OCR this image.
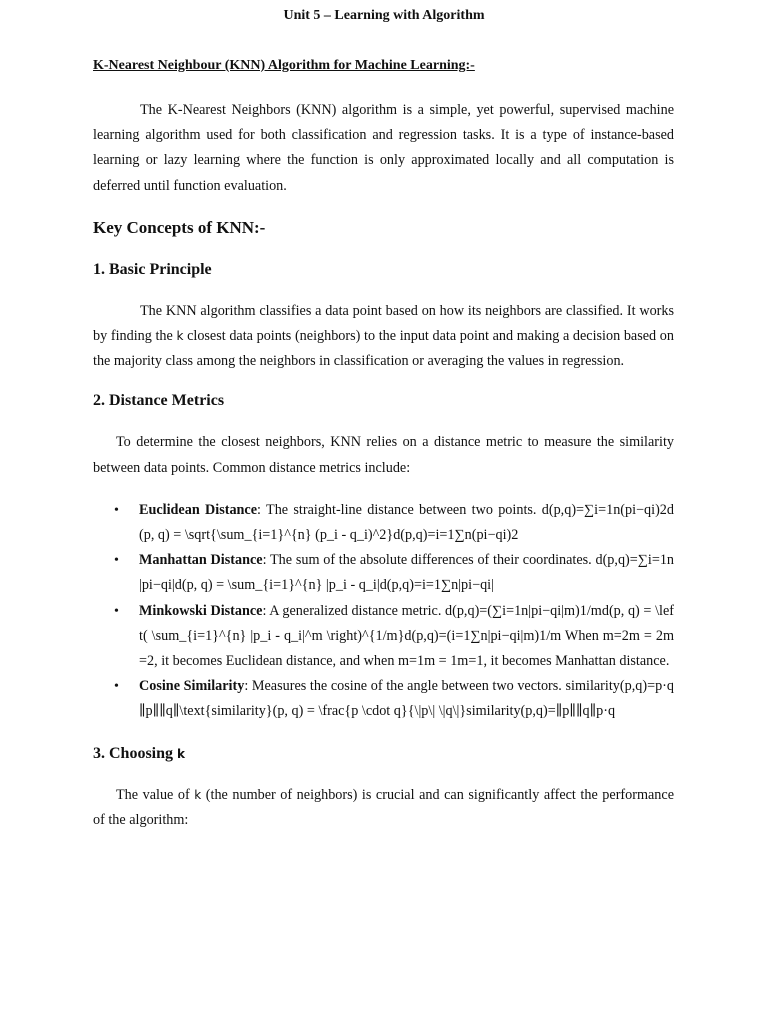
Unit 5 – Learning with Algorithm

K-Nearest Neighbour (KNN) Algorithm for Machine Learning:-

The K-Nearest Neighbors (KNN) algorithm is a simple, yet powerful, supervised machine learning algorithm used for both classification and regression tasks. It is a type of instance-based learning or lazy learning where the function is only approximated locally and all computation is deferred until function evaluation.

Key Concepts of KNN:-

1. Basic Principle

The KNN algorithm classifies a data point based on how its neighbors are classified. It works by finding the k closest data points (neighbors) to the input data point and making a decision based on the majority class among the neighbors in classification or averaging the values in regression.

2. Distance Metrics

To determine the closest neighbors, KNN relies on a distance metric to measure the similarity between data points. Common distance metrics include:

• Euclidean Distance: The straight-line distance between two points. d(p,q)=∑i=1n(pi−qi)2d(p, q) = \sqrt{\sum_{i=1}^{n} (p_i - q_i)^2}d(p,q)=i=1∑n(pi−qi)2
• Manhattan Distance: The sum of the absolute differences of their coordinates. d(p,q)=∑i=1n|pi−qi|d(p, q) = \sum_{i=1}^{n} |p_i - q_i|d(p,q)=i=1∑n|pi−qi|
• Minkowski Distance: A generalized distance metric. d(p,q)=(∑i=1n|pi−qi|m)1/md(p, q) = \left( \sum_{i=1}^{n} |p_i - q_i|^m \right)^{1/m}d(p,q)=(i=1∑n|pi−qi|m)1/m When m=2m = 2m=2, it becomes Euclidean distance, and when m=1m = 1m=1, it becomes Manhattan distance.
• Cosine Similarity: Measures the cosine of the angle between two vectors. similarity(p,q)=p·q∥p∥∥q∥\text{similarity}(p, q) = \frac{p \cdot q}{\|p\| \|q\|}similarity(p,q)=∥p∥∥q∥p·q

3. Choosing k

The value of k (the number of neighbors) is crucial and can significantly affect the performance of the algorithm:
